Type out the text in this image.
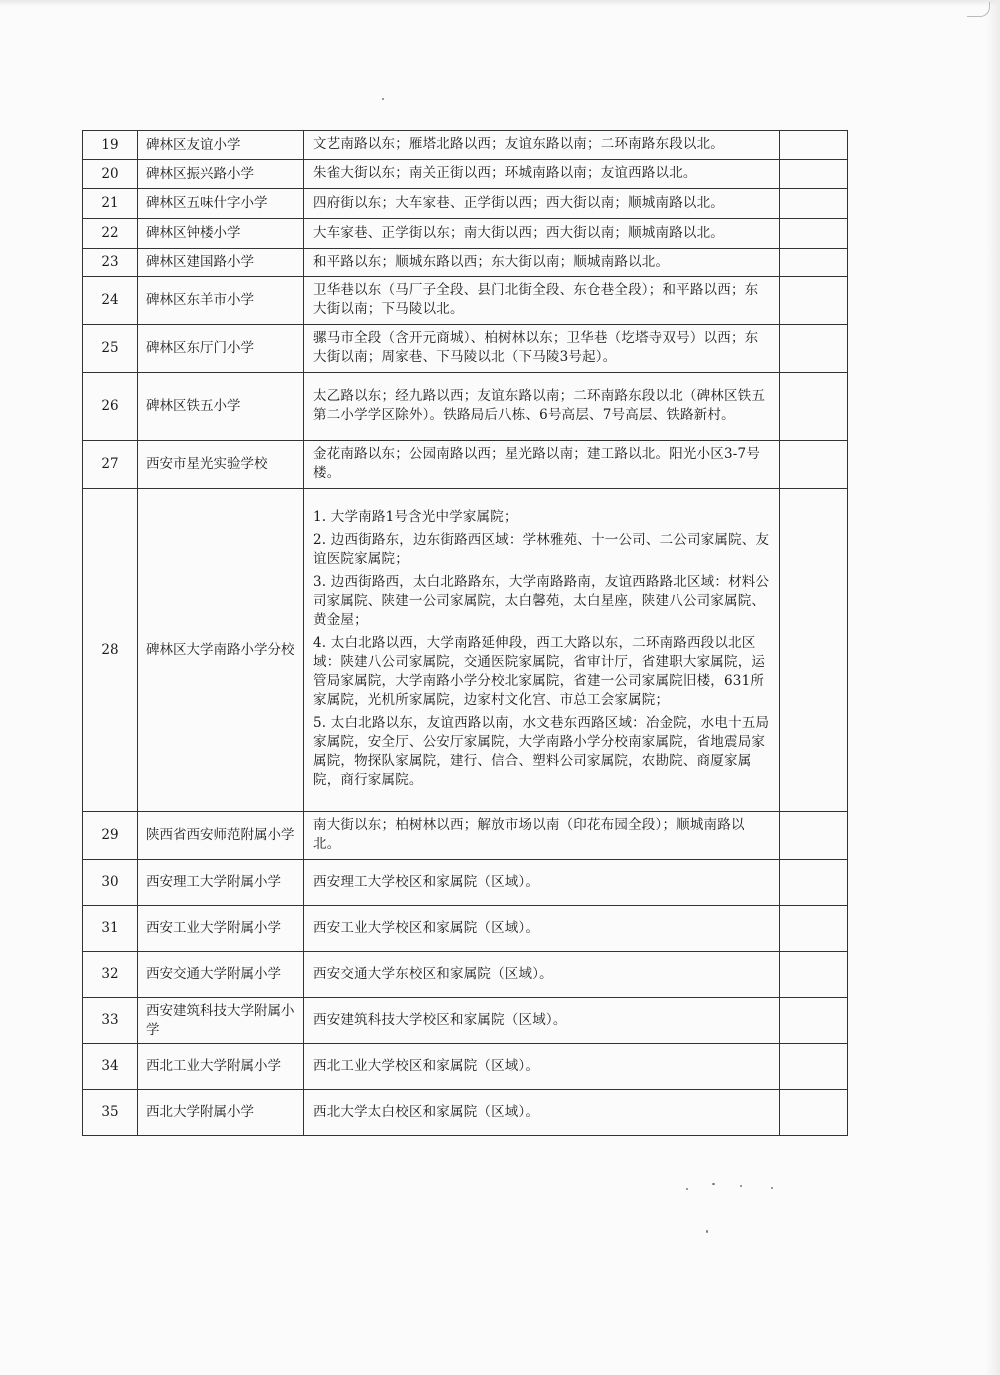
19	碑林区友谊小学	文艺南路以东；雁塔北路以西；友谊东路以南；二环南路东段以北。	
20	碑林区振兴路小学	朱雀大街以东；南关正街以西；环城南路以南；友谊西路以北。	
21	碑林区五味什字小学	四府街以东；大车家巷、正学街以西；西大街以南；顺城南路以北。	
22	碑林区钟楼小学	大车家巷、正学街以东；南大街以西；西大街以南；顺城南路以北。	
23	碑林区建国路小学	和平路以东；顺城东路以西；东大街以南；顺城南路以北。	
24	碑林区东羊市小学	卫华巷以东（马厂子全段、县门北街全段、东仓巷全段）；和平路以西；东大街以南；下马陵以北。	
25	碑林区东厅门小学	骡马市全段（含开元商城）、柏树林以东；卫华巷（圪塔寺双号）以西；东大街以南；周家巷、下马陵以北（下马陵3号起）。	
26	碑林区铁五小学	太乙路以东；经九路以西；友谊东路以南；二环南路东段以北（碑林区铁五第二小学学区除外）。铁路局后八栋、6号高层、7号高层、铁路新村。	
27	西安市星光实验学校	金花南路以东；公园南路以西；星光路以南；建工路以北。阳光小区3-7号楼。	
28	碑林区大学南路小学分校	1. 大学南路1号含光中学家属院；
2. 边西街路东，边东街路西区域：学林雅苑、十一公司、二公司家属院、友谊医院家属院；
3. 边西街路西，太白北路路东，大学南路路南，友谊西路路北区域：材料公司家属院、陕建一公司家属院，太白馨苑，太白星座，陕建八公司家属院、黄金屋；
4. 太白北路以西，大学南路延伸段，西工大路以东，二环南路西段以北区域：陕建八公司家属院，交通医院家属院，省审计厅，省建职大家属院，运管局家属院，大学南路小学分校北家属院，省建一公司家属院旧楼，631所家属院，光机所家属院，边家村文化宫、市总工会家属院；
5. 太白北路以东，友谊西路以南，水文巷东西路区域：冶金院，水电十五局家属院，安全厅、公安厅家属院，大学南路小学分校南家属院，省地震局家属院，物探队家属院，建行、信合、塑料公司家属院，农勘院、商厦家属院，商行家属院。	

29	陕西省西安师范附属小学	南大街以东；柏树林以西；解放市场以南（印花布园全段）；顺城南路以北。	
30	西安理工大学附属小学	西安理工大学校区和家属院（区域）。	
31	西安工业大学附属小学	西安工业大学校区和家属院（区域）。	
32	西安交通大学附属小学	西安交通大学东校区和家属院（区域）。	
33	西安建筑科技大学附属小学	西安建筑科技大学校区和家属院（区域）。	
34	西北工业大学附属小学	西北工业大学校区和家属院（区域）。	
35	西北大学附属小学	西北大学太白校区和家属院（区域）。	
